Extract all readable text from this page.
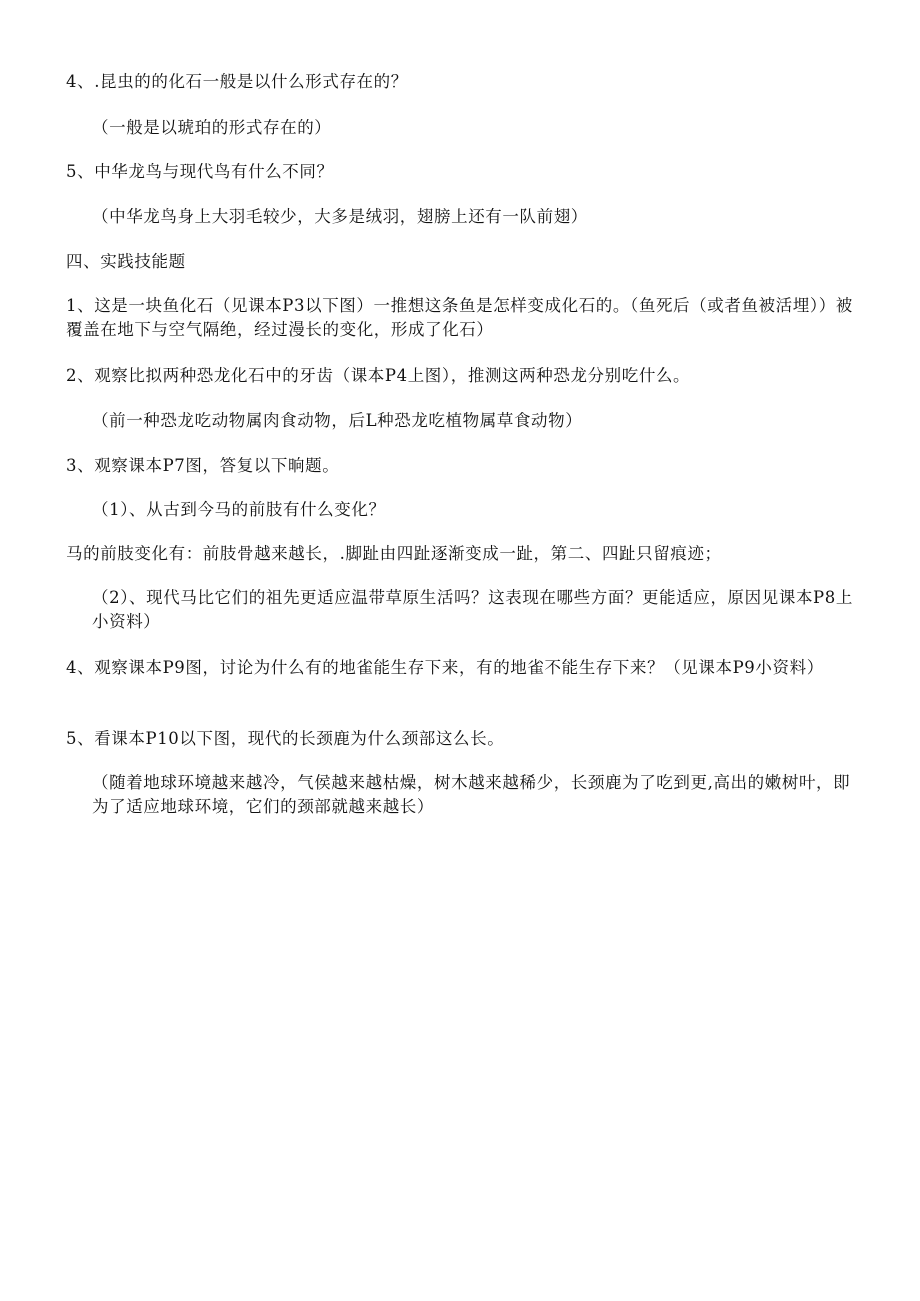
4、.昆虫的的化石一般是以什么形式存在的？
（一般是以琥珀的形式存在的）
5、中华龙鸟与现代鸟有什么不同？
（中华龙鸟身上大羽毛较少，大多是绒羽，翅膀上还有一队前翅）
四、实践技能题
1、这是一块鱼化石（见课本P3以下图）一推想这条鱼是怎样变成化石的。（鱼死后（或者鱼被活埋））被覆盖在地下与空气隔绝，经过漫长的变化，形成了化石）
2、观察比拟两种恐龙化石中的牙齿（课本P4上图），推测这两种恐龙分别吃什么。
（前一种恐龙吃动物属肉食动物，后L种恐龙吃植物属草食动物）
3、观察课本P7图，答复以下晌题。
（1）、从古到今马的前肢有什么变化？
马的前肢变化有：前肢骨越来越长，.脚趾由四趾逐渐变成一趾，第二、四趾只留痕迹；
（2）、现代马比它们的祖先更适应温带草原生活吗？这表现在哪些方面？更能适应，原因见课本P8上小资料）
4、观察课本P9图，讨论为什么有的地雀能生存下来，有的地雀不能生存下来？（见课本P9小资料）
5、看课本P10以下图，现代的长颈鹿为什么颈部这么长。
（随着地球环境越来越冷，气侯越来越枯燥，树木越来越稀少，长颈鹿为了吃到更,高出的嫩树叶，即为了适应地球环境，它们的颈部就越来越长）
